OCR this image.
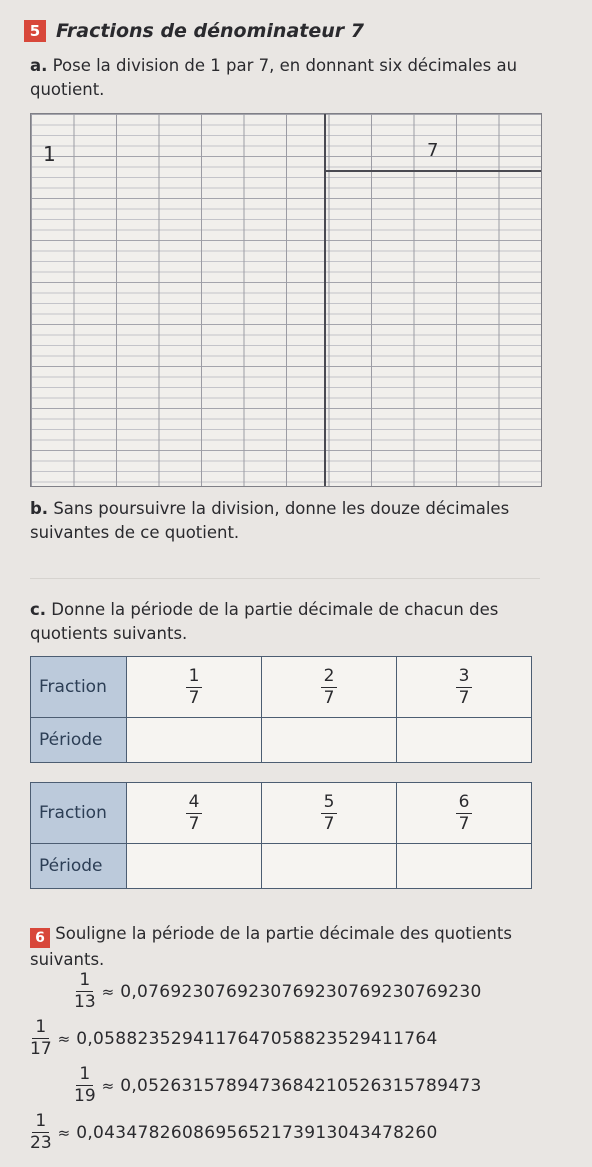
5 Fractions de dénominateur 7
a. Pose la division de 1 par 7, en donnant six décimales au quotient.
1	7
b. Sans poursuivre la division, donne les douze décimales suivantes de ce quotient.
c. Donne la période de la partie décimale de chacun des quotients suivants.
Fraction	$\frac{1}{7}$	$\frac{2}{7}$	$\frac{3}{7}$

Période			
Fraction	$\frac{4}{7}$	$\frac{5}{7}$	$\frac{6}{7}$

Période			
6 Souligne la période de la partie décimale des quotients suivants.
$\frac{1}{13} \approx 0,0769230769230769230769230769230$
$\frac{1}{17} \approx 0,0588235294117647058823529411764$
$\frac{1}{19} \approx 0,0526315789473684210526315789473$
$\frac{1}{23} \approx 0,0434782608695652173913043478260$
